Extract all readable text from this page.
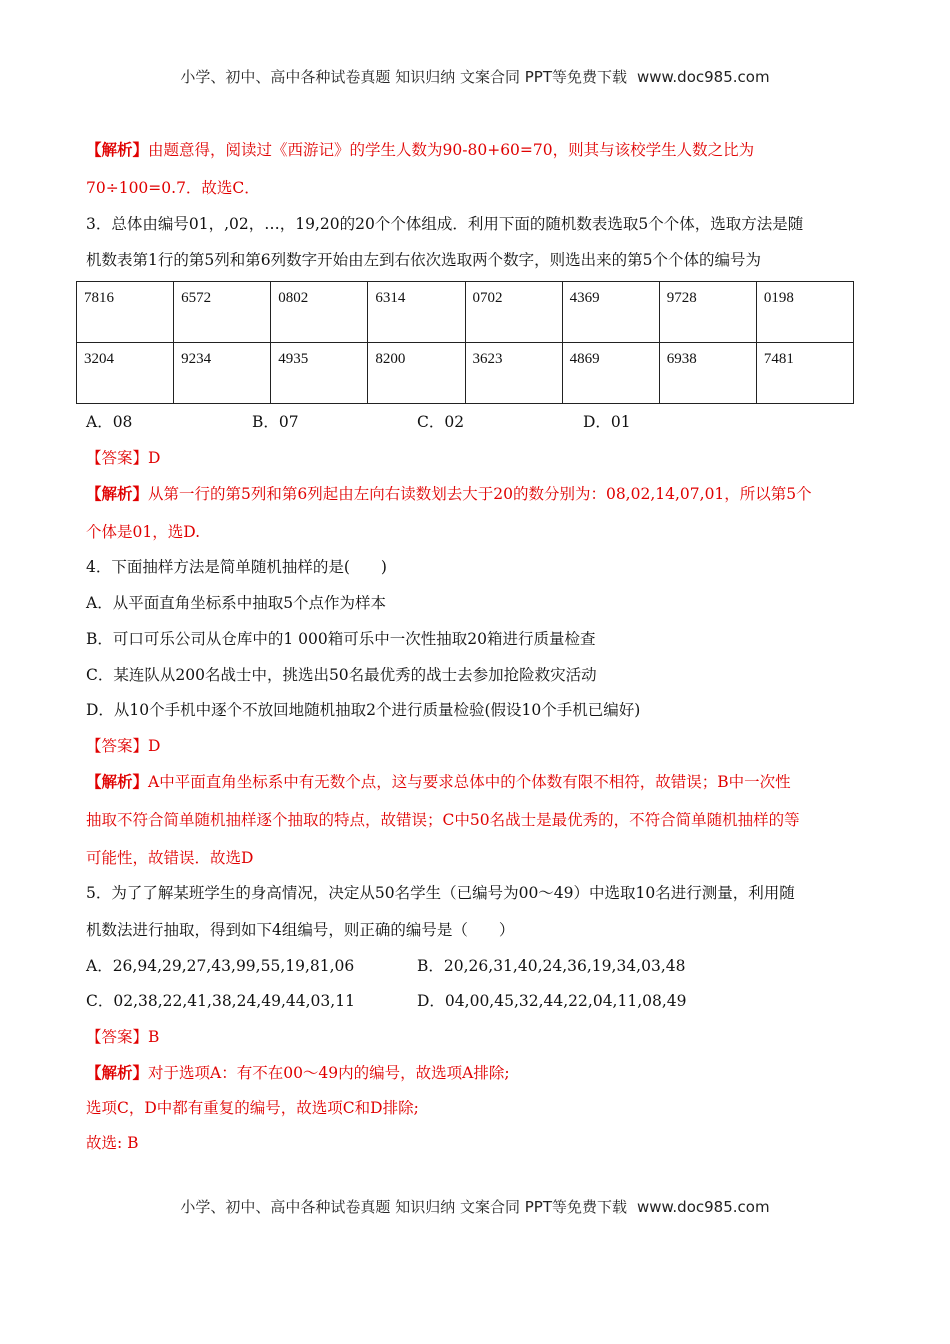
小学、初中、高中各种试卷真题 知识归纳 文案合同 PPT等免费下载 www.doc985.com
【解析】由题意得，阅读过《西游记》的学生人数为90-80+60=70，则其与该校学生人数之比为
70÷100=0.7．故选C．
3．总体由编号01，,02，…，19,20的20个个体组成．利用下面的随机数表选取5个个体，选取方法是随
机数表第1行的第5列和第6列数字开始由左到右依次选取两个数字，则选出来的第5个个体的编号为
7816	6572	0802	6314	0702	4369	9728	0198
3204	9234	4935	8200	3623	4869	6938	7481
A．08	B．07	C．02	D．01
【答案】D
【解析】从第一行的第5列和第6列起由左向右读数划去大于20的数分别为：08,02,14,07,01，所以第5个
个体是01，选D.
4．下面抽样方法是简单随机抽样的是(　　)
A．从平面直角坐标系中抽取5个点作为样本
B．可口可乐公司从仓库中的1 000箱可乐中一次性抽取20箱进行质量检查
C．某连队从200名战士中，挑选出50名最优秀的战士去参加抢险救灾活动
D．从10个手机中逐个不放回地随机抽取2个进行质量检验(假设10个手机已编好)
【答案】D
【解析】A中平面直角坐标系中有无数个点，这与要求总体中的个体数有限不相符，故错误；B中一次性
抽取不符合简单随机抽样逐个抽取的特点，故错误；C中50名战士是最优秀的，不符合简单随机抽样的等
可能性，故错误．故选D
5．为了了解某班学生的身高情况，决定从50名学生（已编号为00～49）中选取10名进行测量，利用随
机数法进行抽取，得到如下4组编号，则正确的编号是（　　）
A．26,94,29,27,43,99,55,19,81,06	B．20,26,31,40,24,36,19,34,03,48
C．02,38,22,41,38,24,49,44,03,11	D．04,00,45,32,44,22,04,11,08,49
【答案】B
【解析】对于选项A：有不在00～49内的编号，故选项A排除;
选项C，D中都有重复的编号，故选项C和D排除;
故选: B
小学、初中、高中各种试卷真题 知识归纳 文案合同 PPT等免费下载 www.doc985.com
